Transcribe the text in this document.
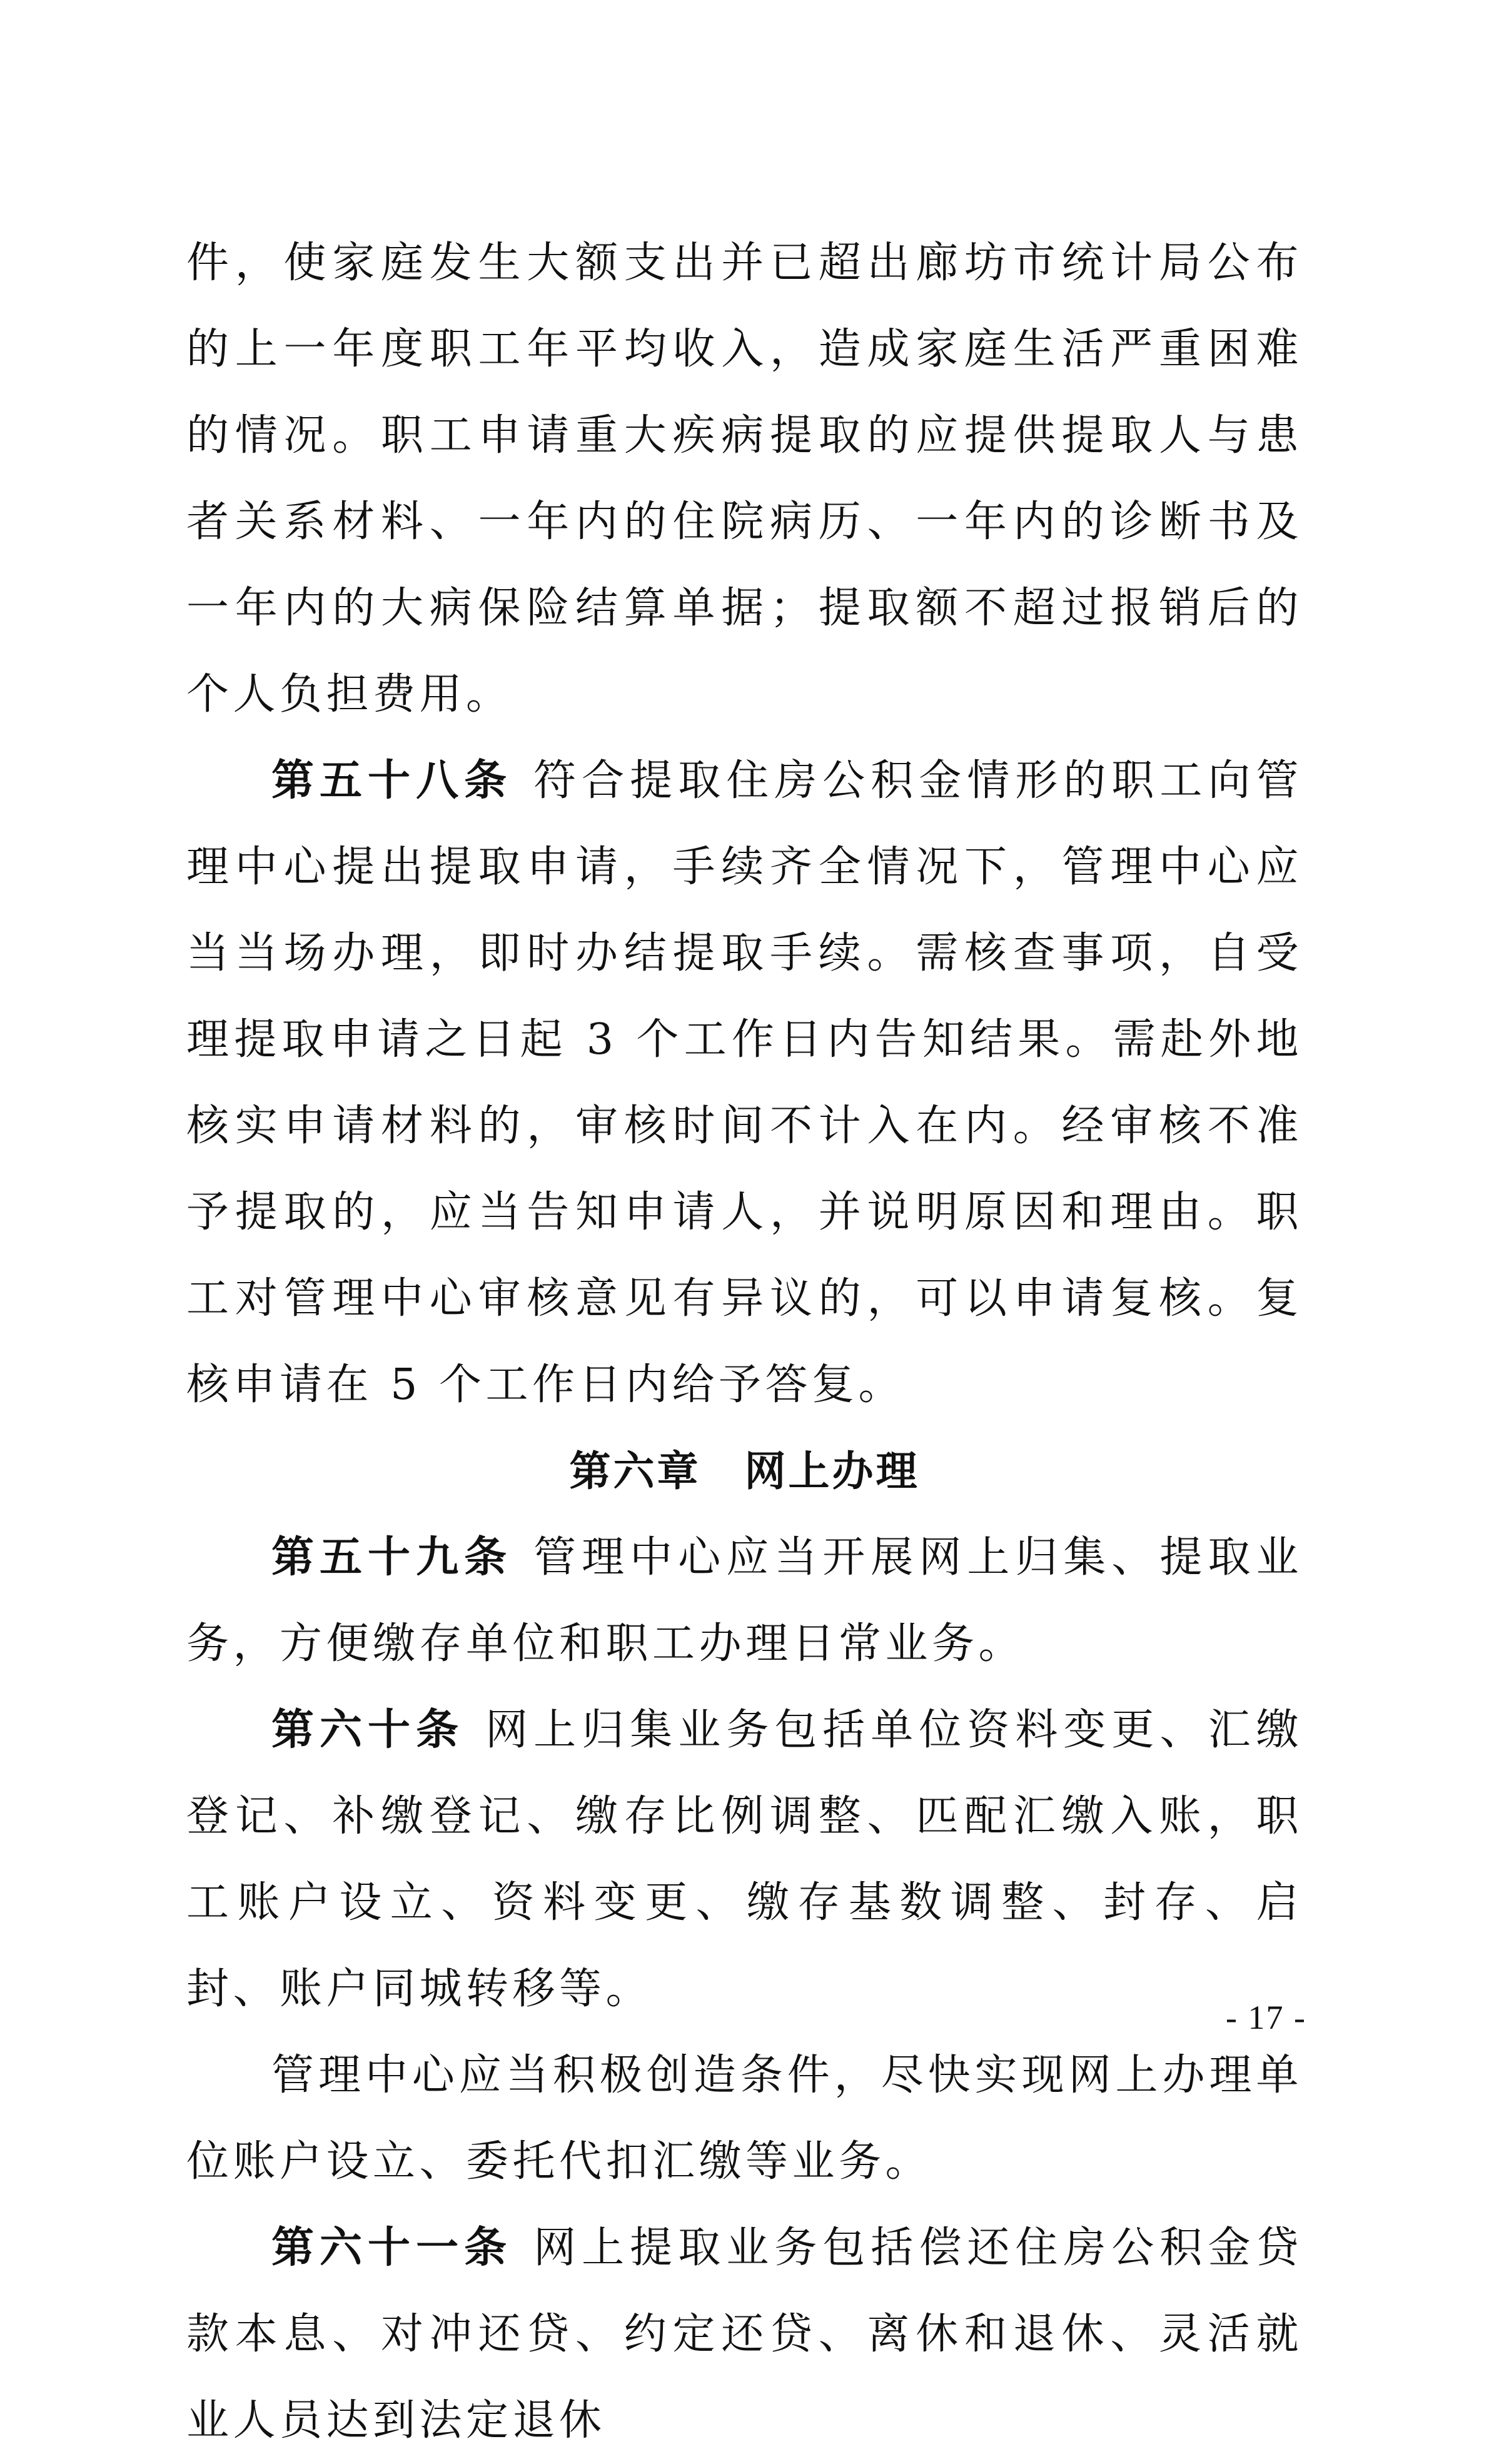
件，使家庭发生大额支出并已超出廊坊市统计局公布的上一年度职工年平均收入，造成家庭生活严重困难的情况。职工申请重大疾病提取的应提供提取人与患者关系材料、一年内的住院病历、一年内的诊断书及一年内的大病保险结算单据；提取额不超过报销后的个人负担费用。

第五十八条 符合提取住房公积金情形的职工向管理中心提出提取申请，手续齐全情况下，管理中心应当当场办理，即时办结提取手续。需核查事项，自受理提取申请之日起 3 个工作日内告知结果。需赴外地核实申请材料的，审核时间不计入在内。经审核不准予提取的，应当告知申请人，并说明原因和理由。职工对管理中心审核意见有异议的，可以申请复核。复核申请在 5 个工作日内给予答复。

第六章　网上办理

第五十九条 管理中心应当开展网上归集、提取业务，方便缴存单位和职工办理日常业务。

第六十条 网上归集业务包括单位资料变更、汇缴登记、补缴登记、缴存比例调整、匹配汇缴入账，职工账户设立、资料变更、缴存基数调整、封存、启封、账户同城转移等。

管理中心应当积极创造条件，尽快实现网上办理单位账户设立、委托代扣汇缴等业务。

第六十一条 网上提取业务包括偿还住房公积金贷款本息、对冲还贷、约定还贷、离休和退休、灵活就业人员达到法定退休

- 17 -
